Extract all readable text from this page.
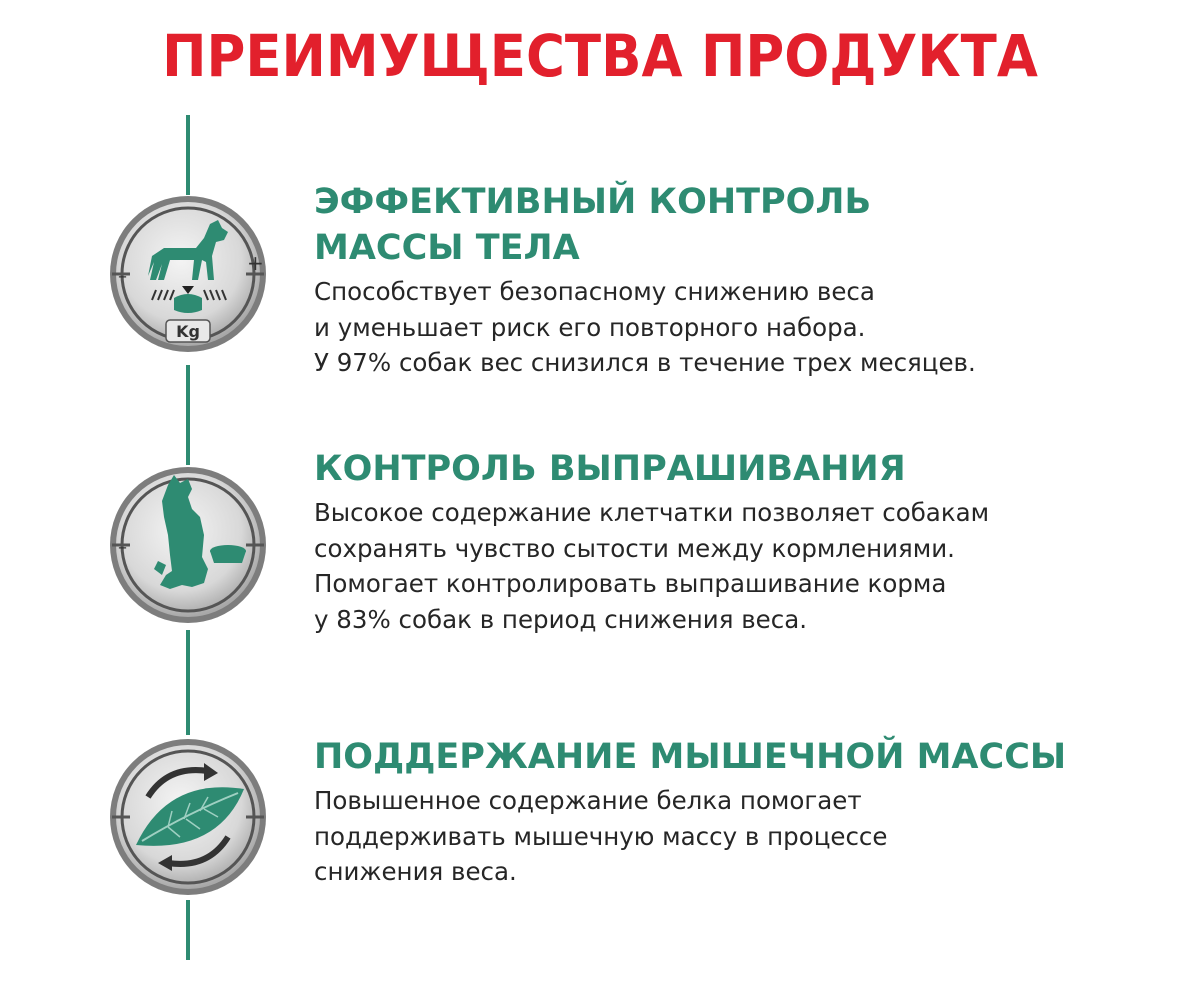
ПРЕИМУЩЕСТВА ПРОДУКТА
–
+
Kg
–
ЭФФЕКТИВНЫЙ КОНТРОЛЬ
МАССЫ ТЕЛА
Способствует безопасному снижению веса
и уменьшает риск его повторного набора.
У 97% собак вес снизился в течение трех месяцев.
КОНТРОЛЬ ВЫПРАШИВАНИЯ
Высокое содержание клетчатки позволяет собакам
сохранять чувство сытости между кормлениями.
Помогает контролировать выпрашивание корма
у 83% собак в период снижения веса.
ПОДДЕРЖАНИЕ МЫШЕЧНОЙ МАССЫ
Повышенное содержание белка помогает
поддерживать мышечную массу в процессе
снижения веса.
